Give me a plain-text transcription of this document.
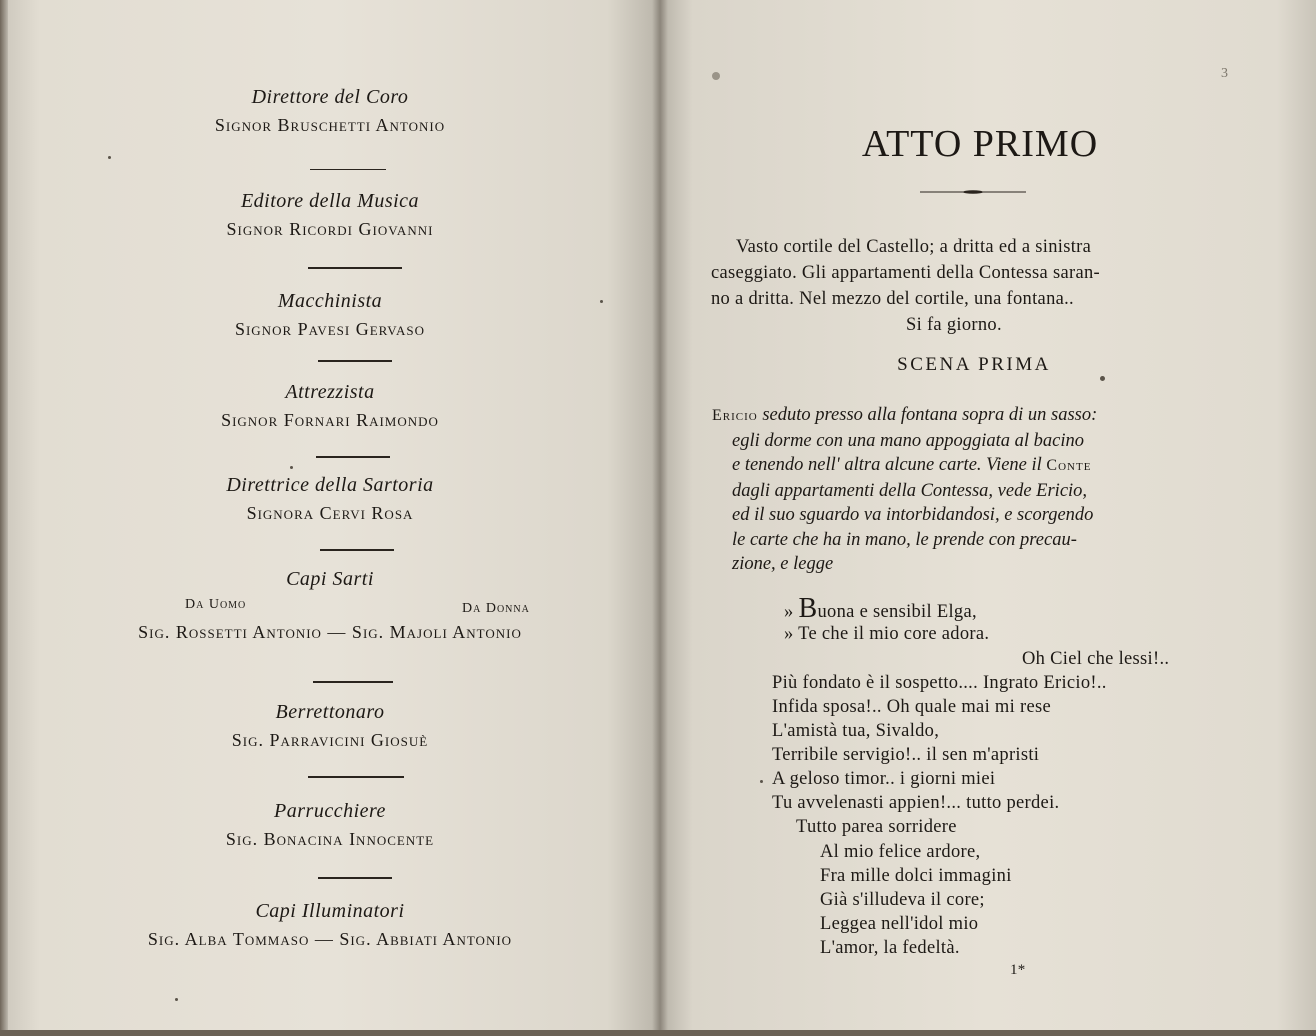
Direttore del Coro
Signor Bruschetti Antonio
Editore della Musica
Signor Ricordi Giovanni
Macchinista
Signor Pavesi Gervaso
Attrezzista
Signor Fornari Raimondo
Direttrice della Sartoria
Signora Cervi Rosa
Capi Sarti
Da Uomo	Da Donna
Sig. Rossetti Antonio — Sig. Majoli Antonio
Berrettonaro
Sig. Parravicini Giosuè
Parrucchiere
Sig. Bonacina Innocente
Capi Illuminatori
Sig. Alba Tommaso — Sig. Abbiati Antonio
3
ATTO PRIMO
Vasto cortile del Castello; a dritta ed a sinistra
caseggiato. Gli appartamenti della Contessa saran-
no a dritta. Nel mezzo del cortile, una fontana..
Si fa giorno.
SCENA PRIMA
Ericio seduto presso alla fontana sopra di un sasso:
egli dorme con una mano appoggiata al bacino
e tenendo nell' altra alcune carte. Viene il Conte
dagli appartamenti della Contessa, vede Ericio,
ed il suo sguardo va intorbidandosi, e scorgendo
le carte che ha in mano, le prende con precau-
zione, e legge
» Buona e sensibil Elga,
» Te che il mio core adora.
Oh Ciel che lessi!..
Più fondato è il sospetto.... Ingrato Ericio!..
Infida sposa!.. Oh quale mai mi rese
L'amistà tua, Sivaldo,
Terribile servigio!.. il sen m'apristi
A geloso timor.. i giorni miei
Tu avvelenasti appien!... tutto perdei.
Tutto parea sorridere
Al mio felice ardore,
Fra mille dolci immagini
Già s'illudeva il core;
Leggea nell'idol mio
L'amor, la fedeltà.
1*
